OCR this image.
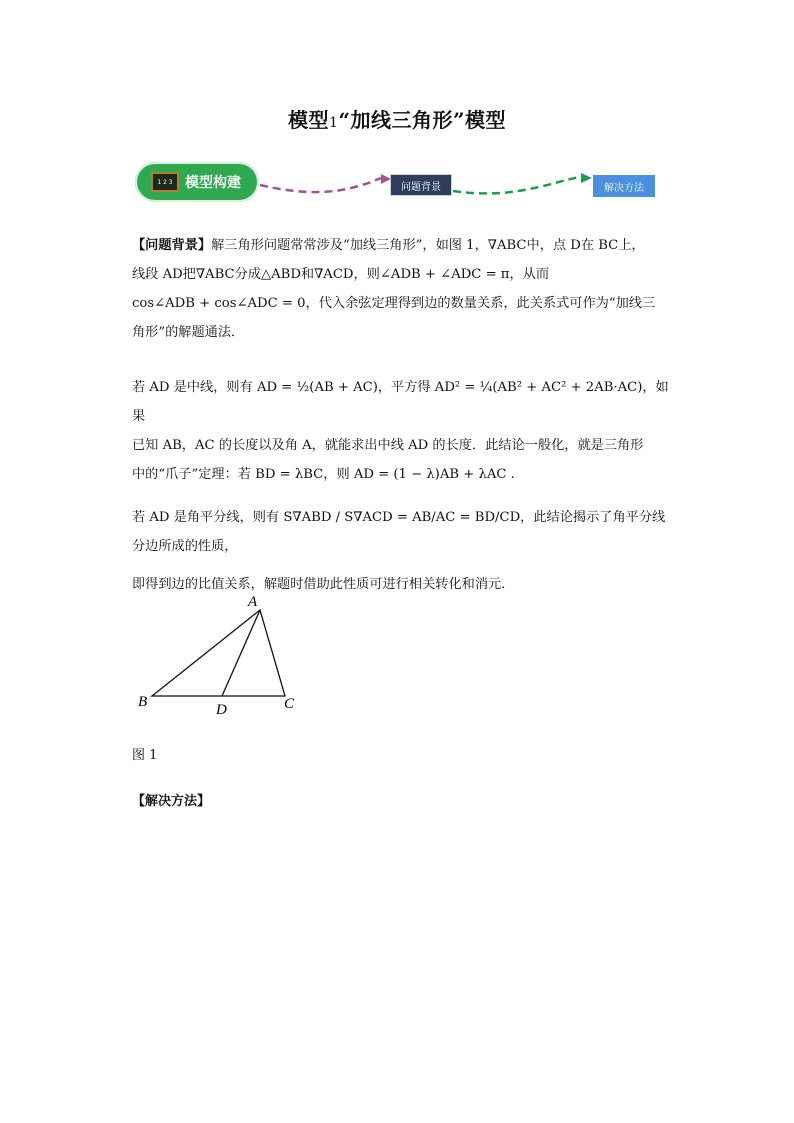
模型1“加线三角形”模型
1 2 3 模型构建	问题背景	解决方法
【问题背景】解三角形问题常常涉及“加线三角形”，如图 1，∇ABC中，点 D在 BC上，
线段 AD把∇ABC分成△ABD和∇ACD，则∠ADB + ∠ADC = π，从而
cos∠ADB + cos∠ADC = 0，代入余弦定理得到边的数量关系，此关系式可作为“加线三
角形”的解题通法．
若 AD 是中线，则有 AD = ½(AB + AC)，平方得 AD² = ¼(AB² + AC² + 2AB·AC)，如果
已知 AB，AC 的长度以及角 A，就能求出中线 AD 的长度．此结论一般化，就是三角形
中的“爪子”定理：若 BD = λBC，则 AD = (1 − λ)AB + λAC .
若 AD 是角平分线，则有 S∇ABD / S∇ACD = AB/AC = BD/CD，此结论揭示了角平分线分边所成的性质，
即得到边的比值关系，解题时借助此性质可进行相关转化和消元．
A
B	C
D
图 1
【解决方法】
